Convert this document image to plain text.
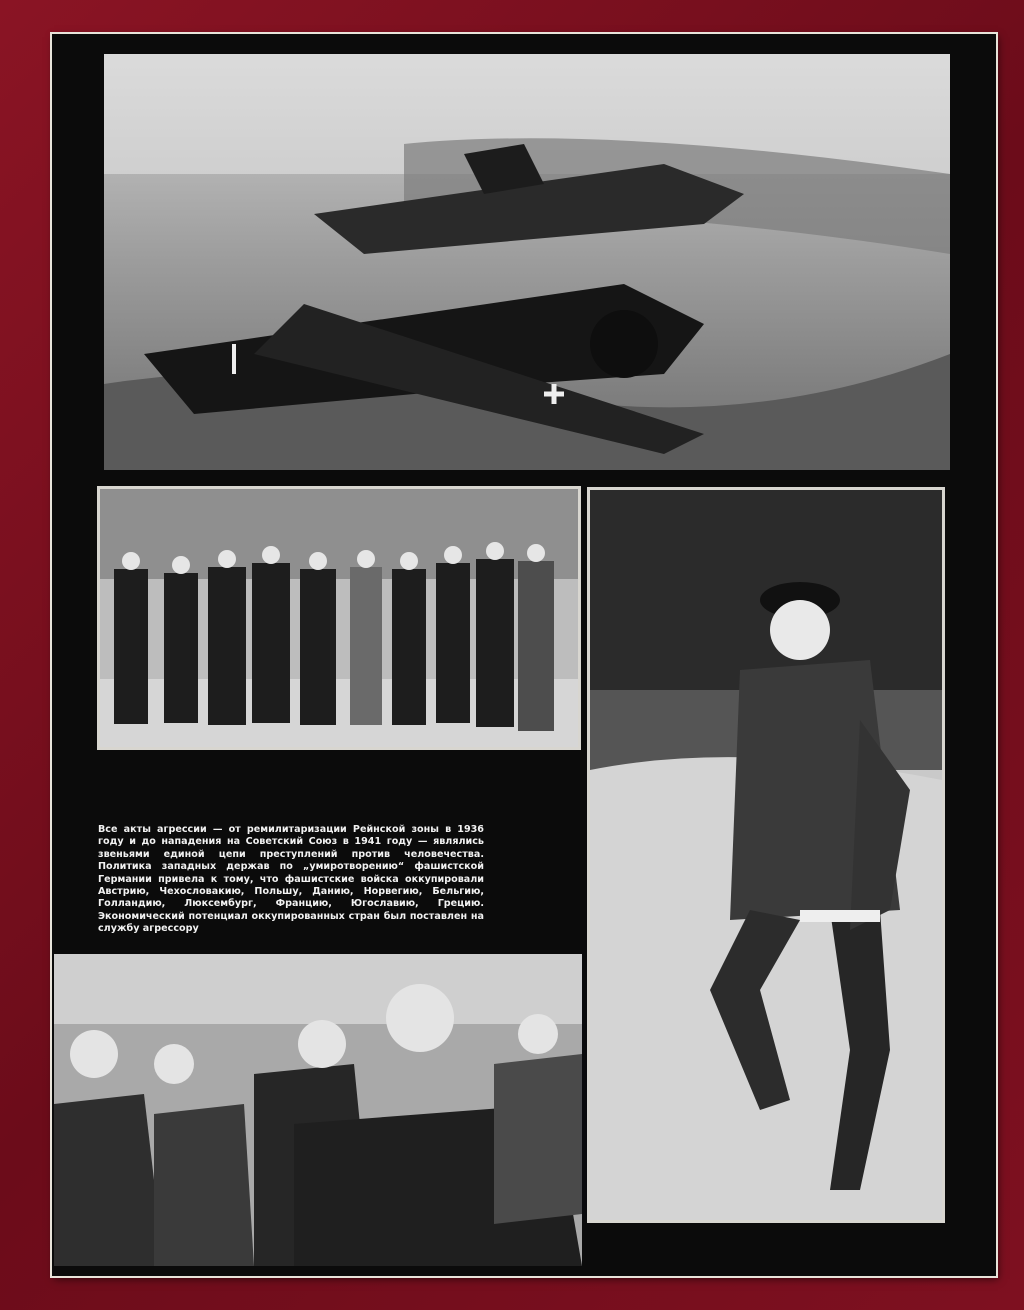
Все акты агрессии — от ремилитаризации Рейнской зоны в 1936 году и до нападения на Советский Союз в 1941 году — являлись звеньями единой цепи преступлений против человечества. Политика западных держав по „умиротворению“ фашистской Германии привела к тому, что фашистские войска оккупировали Австрию, Чехословакию, Польшу, Данию, Норвегию, Бельгию, Голландию, Люксембург, Францию, Югославию, Грецию. Экономический потенциал оккупированных стран был поставлен на службу агрессору
